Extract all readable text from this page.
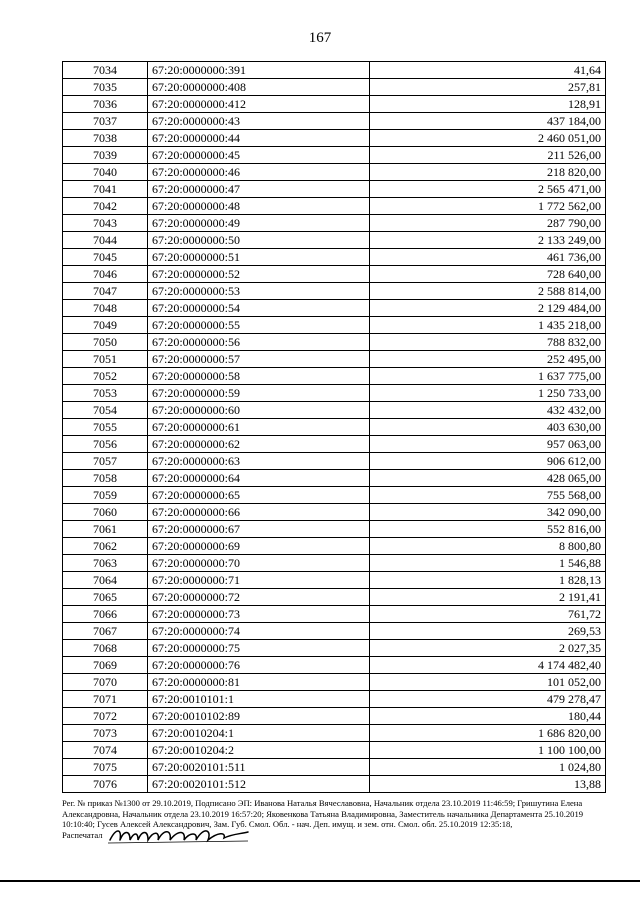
167
7034	67:20:0000000:391	41,64
7035	67:20:0000000:408	257,81
7036	67:20:0000000:412	128,91
7037	67:20:0000000:43	437 184,00
7038	67:20:0000000:44	2 460 051,00
7039	67:20:0000000:45	211 526,00
7040	67:20:0000000:46	218 820,00
7041	67:20:0000000:47	2 565 471,00
7042	67:20:0000000:48	1 772 562,00
7043	67:20:0000000:49	287 790,00
7044	67:20:0000000:50	2 133 249,00
7045	67:20:0000000:51	461 736,00
7046	67:20:0000000:52	728 640,00
7047	67:20:0000000:53	2 588 814,00
7048	67:20:0000000:54	2 129 484,00
7049	67:20:0000000:55	1 435 218,00
7050	67:20:0000000:56	788 832,00
7051	67:20:0000000:57	252 495,00
7052	67:20:0000000:58	1 637 775,00
7053	67:20:0000000:59	1 250 733,00
7054	67:20:0000000:60	432 432,00
7055	67:20:0000000:61	403 630,00
7056	67:20:0000000:62	957 063,00
7057	67:20:0000000:63	906 612,00
7058	67:20:0000000:64	428 065,00
7059	67:20:0000000:65	755 568,00
7060	67:20:0000000:66	342 090,00
7061	67:20:0000000:67	552 816,00
7062	67:20:0000000:69	8 800,80
7063	67:20:0000000:70	1 546,88
7064	67:20:0000000:71	1 828,13
7065	67:20:0000000:72	2 191,41
7066	67:20:0000000:73	761,72
7067	67:20:0000000:74	269,53
7068	67:20:0000000:75	2 027,35
7069	67:20:0000000:76	4 174 482,40
7070	67:20:0000000:81	101 052,00
7071	67:20:0010101:1	479 278,47
7072	67:20:0010102:89	180,44
7073	67:20:0010204:1	1 686 820,00
7074	67:20:0010204:2	1 100 100,00
7075	67:20:0020101:511	1 024,80
7076	67:20:0020101:512	13,88
Рег. № приказ №1300 от 29.10.2019, Подписано ЭП: Иванова Наталья Вячеславовна, Начальник отдела 23.10.2019 11:46:59; Гришутина Елена
Александровна, Начальник отдела 23.10.2019 16:57:20; Яковенкова Татьяна Владимировна, Заместитель начальника Департамента 25.10.2019
10:10:40; Гусев Алексей Александрович, Зам. Губ. Смол. Обл. - нач. Деп. имущ. и зем. отн. Смол. обл. 25.10.2019 12:35:18,
Распечатал
